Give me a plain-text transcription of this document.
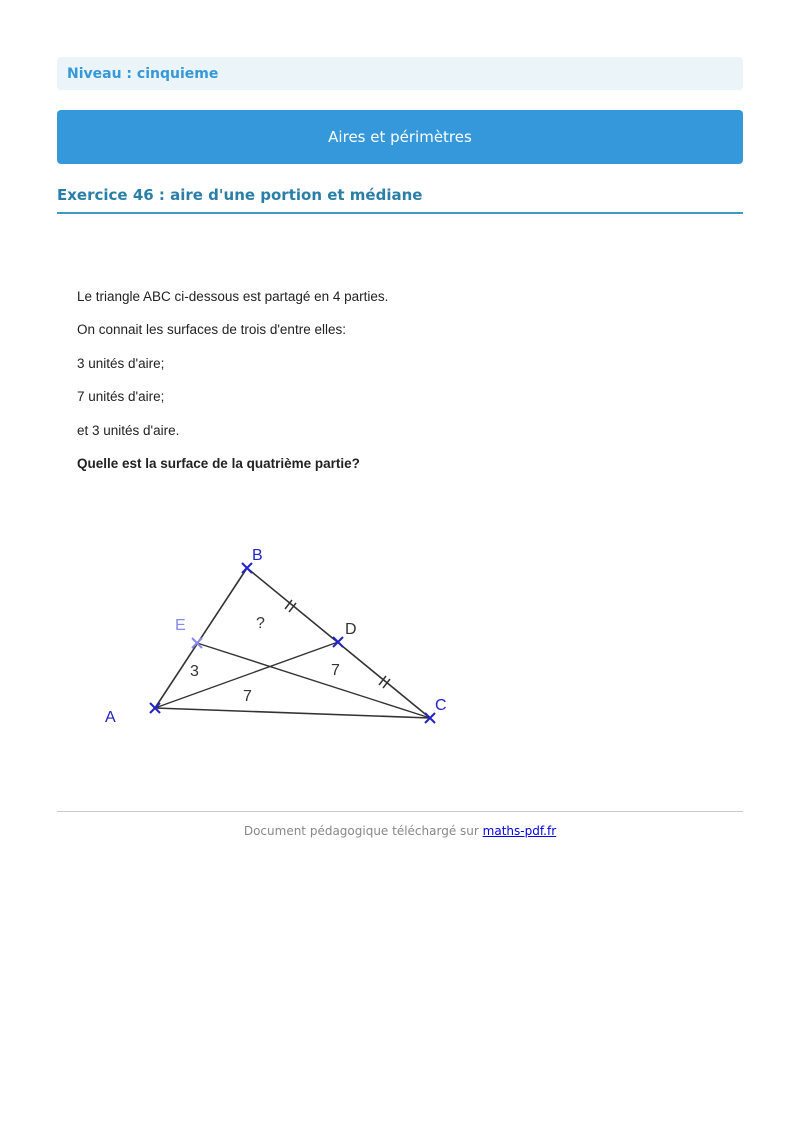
Niveau : cinquieme
Aires et périmètres
Exercice 46 : aire d'une portion et médiane
Le triangle ABC ci-dessous est partagé en 4 parties.
On connait les surfaces de trois d'entre elles:
3 unités d'aire;
7 unités d'aire;
et 3 unités d'aire.
Quelle est la surface de la quatrième partie?
A
B
C
D
E	?
3	7
7
Document pédagogique téléchargé sur maths-pdf.fr
